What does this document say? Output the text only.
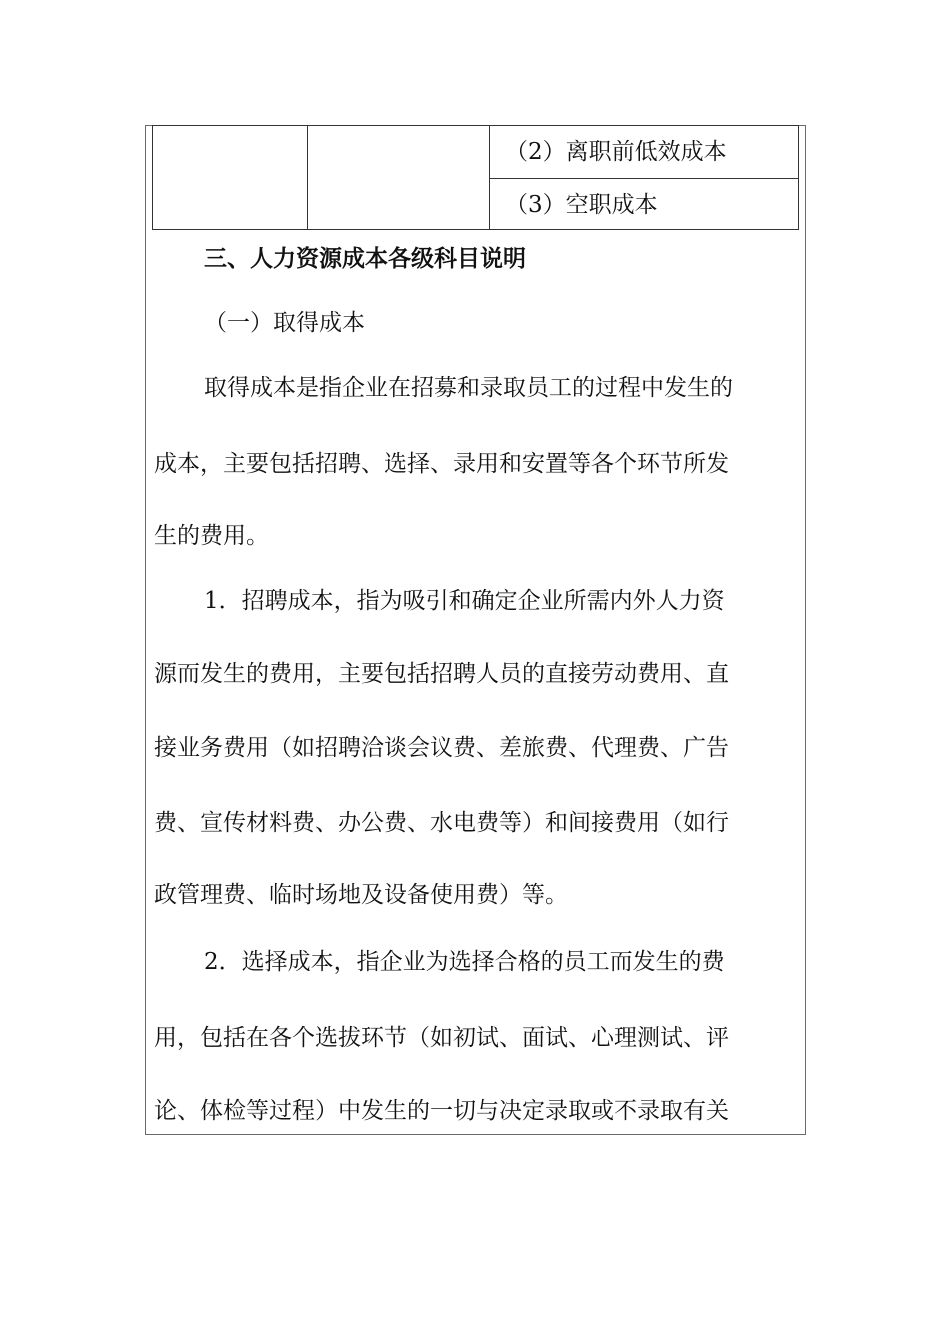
（2）离职前低效成本
（3）空职成本
三、人力资源成本各级科目说明
（一）取得成本
取得成本是指企业在招募和录取员工的过程中发生的
成本，主要包括招聘、选择、录用和安置等各个环节所发
生的费用。
1．招聘成本，指为吸引和确定企业所需内外人力资
源而发生的费用，主要包括招聘人员的直接劳动费用、直
接业务费用（如招聘洽谈会议费、差旅费、代理费、广告
费、宣传材料费、办公费、水电费等）和间接费用（如行
政管理费、临时场地及设备使用费）等。
2．选择成本，指企业为选择合格的员工而发生的费
用，包括在各个选拔环节（如初试、面试、心理测试、评
论、体检等过程）中发生的一切与决定录取或不录取有关
